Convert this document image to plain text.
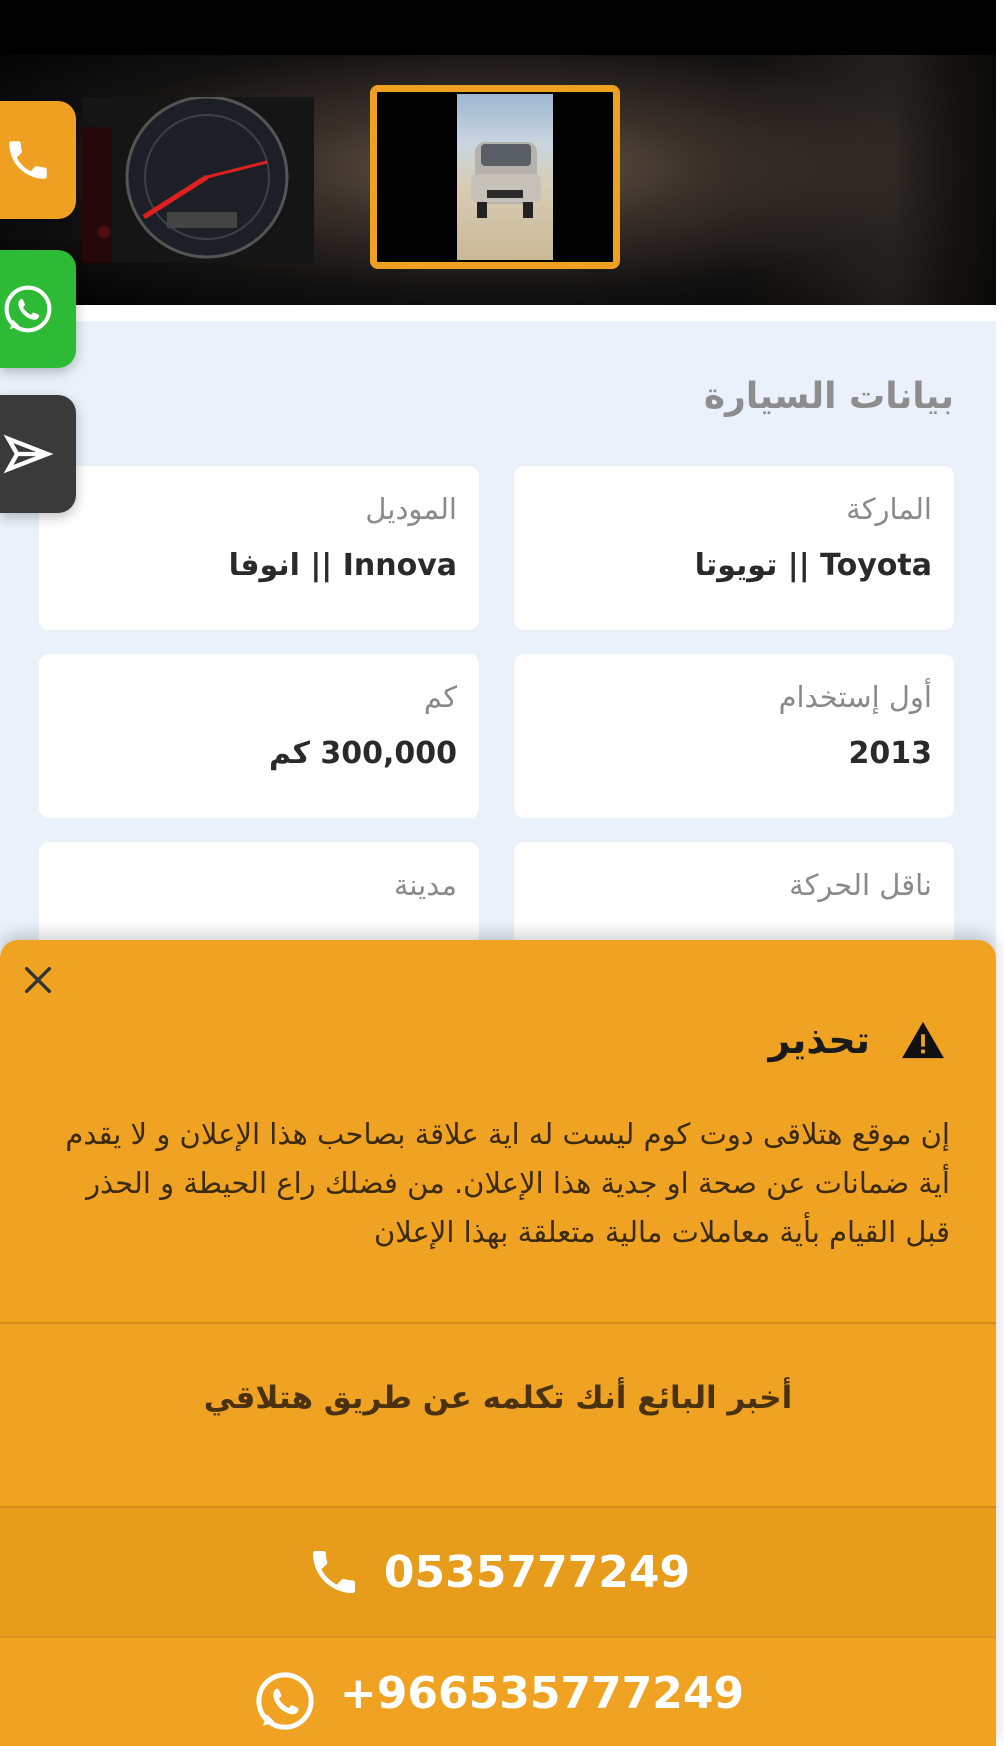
بيانات السيارة
الماركة
Toyota || تويوتا
الموديل
Innova || انوفا
أول إستخدام
2013
كم
300,000 كم
ناقل الحركة
مدينة
تحذير

إن موقع هتلاقى دوت كوم ليست له اية علاقة بصاحب هذا الإعلان و لا يقدم أية ضمانات عن صحة او جدية هذا الإعلان. من فضلك راع الحيطة و الحذر قبل القيام بأية معاملات مالية متعلقة بهذا الإعلان

أخبر البائع أنك تكلمه عن طريق هتلاقي
0535777249
+966535777249
